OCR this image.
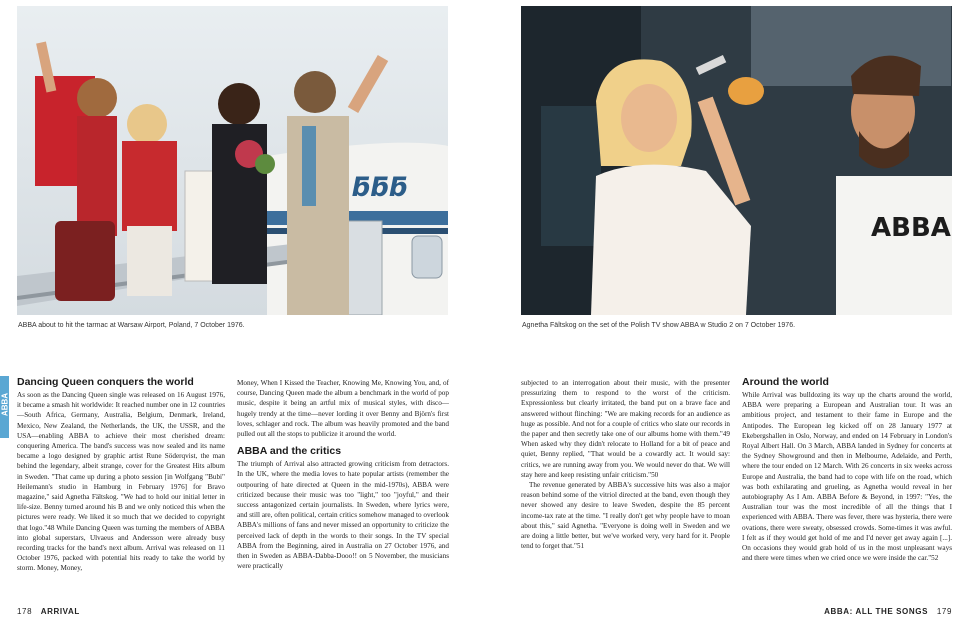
ƃƃƃ
ABBA about to hit the tarmac at Warsaw Airport, Poland, 7 October 1976.
ABBA
Agnetha Fältskog on the set of the Polish TV show ABBA w Studio 2 on 7 October 1976.
ABBA
Dancing Queen conquers the world

As soon as the Dancing Queen single was released on 16 August 1976, it became a smash hit worldwide: It reached number one in 12 countries—South Africa, Germany, Australia, Belgium, Denmark, Ireland, Mexico, New Zealand, the Netherlands, the UK, the USSR, and the USA—enabling ABBA to achieve their most cherished dream: conquering America. The band's success was now sealed and its name became a logo designed by graphic artist Rune Söderqvist, the man behind the legendary, albeit strange, cover for the Greatest Hits album in Sweden. "That came up during a photo session [in Wolfgang "Bubi" Heilemann's studio in Hamburg in February 1976] for Bravo magazine," said Agnetha Fältskog. "We had to hold our initial letter in life-size. Benny turned around his B and we only noticed this when the pictures were ready. We liked it so much that we decided to copyright that logo."48 While Dancing Queen was turning the members of ABBA into global superstars, Ulvaeus and Andersson were already busy recording tracks for the band's next album. Arrival was released on 11 October 1976, packed with potential hits ready to take the world by storm. Money, Money,

Money, When I Kissed the Teacher, Knowing Me, Knowing You, and, of course, Dancing Queen made the album a benchmark in the world of pop music, despite it being an artful mix of musical styles, with disco—hugely trendy at the time—never lording it over Benny and Björn's first loves, schlager and rock. The album was heavily promoted and the band pulled out all the stops to publicize it around the world.

ABBA and the critics

The triumph of Arrival also attracted growing criticism from detractors. In the UK, where the media loves to hate popular artists (remember the outpouring of hate directed at Queen in the mid-1970s), ABBA were criticized because their music was too "light," too "joyful," and their success antagonized certain journalists. In Sweden, where lyrics were, and still are, often political, certain critics somehow managed to overlook ABBA's millions of fans and never missed an opportunity to criticize the perceived lack of depth in the words to their songs. In the TV special ABBA from the Beginning, aired in Australia on 27 October 1976, and then in Sweden as ABBA-Dabba-Dooo!! on 5 November, the musicians were practically

subjected to an interrogation about their music, with the presenter pressurizing them to respond to the worst of the criticism. Expressionless but clearly irritated, the band put on a brave face and answered without flinching: "We are making records for an audience as huge as possible. And not for a couple of critics who slate our records in the paper and then secretly take one of our albums home with them."49 When asked why they didn't relocate to Holland for a bit of peace and quiet, Benny replied, "That would be a cowardly act. It would say: critics, we are running away from you. We would never do that. We will stay here and keep resisting unfair criticism."50

The revenue generated by ABBA's successive hits was also a major reason behind some of the vitriol directed at the band, even though they never showed any desire to leave Sweden, despite the 85 percent income-tax rate at the time. "I really don't get why people have to moan about this," said Agnetha. "Everyone is doing well in Sweden and we are doing a little better, but we've worked very, very hard for it. People tend to forget that."51

Around the world

While Arrival was bulldozing its way up the charts around the world, ABBA were preparing a European and Australian tour. It was an ambitious project, and testament to their fame in Europe and the Antipodes. The European leg kicked off on 28 January 1977 at Ekebergshallen in Oslo, Norway, and ended on 14 February in London's Royal Albert Hall. On 3 March, ABBA landed in Sydney for concerts at the Sydney Showground and then in Melbourne, Adelaide, and Perth, where the tour ended on 12 March. With 26 concerts in six weeks across Europe and Australia, the band had to cope with life on the road, which was both exhilarating and grueling, as Agnetha would reveal in her autobiography As I Am. ABBA Before & Beyond, in 1997: "Yes, the Australian tour was the most incredible of all the things that I experienced with ABBA. There was fever, there was hysteria, there were ovations, there were sweaty, obsessed crowds. Some-times it was awful. I felt as if they would get hold of me and I'd never get away again [...]. On occasions they would grab hold of us in the most unpleasant ways and there were times when we cried once we were inside the car."52

178 ARRIVAL	ABBA: ALL THE SONGS 179
